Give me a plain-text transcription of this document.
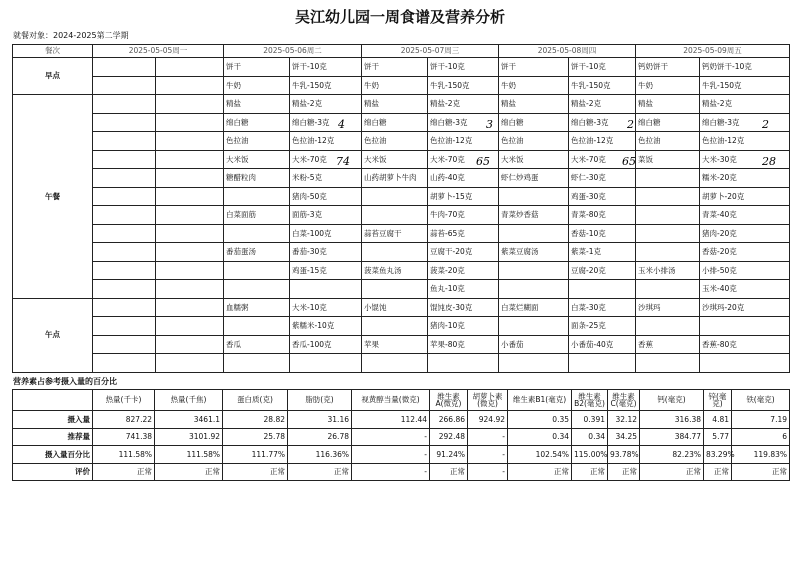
吴江幼儿园一周食谱及营养分析
就餐对象：2024-2025第二学期
餐次	2025-05-05周一		2025-05-06周二		2025-05-07周三		2025-05-08周四		2025-05-09周五	
早点			饼干	饼干-10克	饼干	饼干-10克	饼干	饼干-10克	钙奶饼干	钙奶饼干-10克
			牛奶	牛乳-150克	牛奶	牛乳-150克	牛奶	牛乳-150克	牛奶	牛乳-150克
午餐			精盐	精盐-2克	精盐	精盐-2克	精盐	精盐-2克	精盐	精盐-2克
			绵白糖	绵白糖-3克	绵白糖	绵白糖-3克	绵白糖	绵白糖-3克	绵白糖	绵白糖-3克
			色拉油	色拉油-12克	色拉油	色拉油-12克	色拉油	色拉油-12克	色拉油	色拉油-12克
			大米饭	大米-70克	大米饭	大米-70克	大米饭	大米-70克	菜饭	大米-30克
			糖醋粒肉	米粉-5克	山药胡萝卜牛肉	山药-40克	虾仁炒鸡蛋	虾仁-30克		糯米-20克
				猪肉-50克		胡萝卜-15克		鸡蛋-30克		胡萝卜-20克
			白菜面筋	面筋-3克		牛肉-70克	青菜炒香菇	青菜-80克		青菜-40克
				白菜-100克	蒜苔豆腐干	蒜苔-65克		香菇-10克		猪肉-20克
			番茄蛋汤	番茄-30克		豆腐干-20克	紫菜豆腐汤	紫菜-1克		香菇-20克
				鸡蛋-15克	菠菜鱼丸汤	菠菜-20克		豆腐-20克	玉米小排汤	小排-50克
						鱼丸-10克				玉米-40克
午点			血糯粥	大米-10克	小馄饨	馄饨皮-30克	白菜烂糊面	白菜-30克	沙琪玛	沙琪玛-20克
				紫糯米-10克		猪肉-10克		面条-25克		
			香瓜	香瓜-100克	苹果	苹果-80克	小番茄	小番茄-40克	香蕉	香蕉-80克

营养素占参考摄入量的百分比
	热量(千卡)	热量(千焦)	蛋白质(克)	脂肪(克)	视黄醇当量(微克)	维生素A(微克)	胡萝卜素(微克)	维生素B1(毫克)	维生素B2(毫克)	维生素C(毫克)	钙(毫克)	锌(毫克)	铁(毫克)
摄入量	827.22	3461.1	28.82	31.16	112.44	266.86	924.92	0.35	0.391	32.12	316.38	4.81	7.19
推荐量	741.38	3101.92	25.78	26.78	-	292.48	-	0.34	0.34	34.25	384.77	5.77	6
摄入量百分比	111.58%	111.58%	111.77%	116.36%	-	91.24%	-	102.54%	115.00%	93.78%	82.23%	83.29%	119.83%
评价	正常	正常	正常	正常	-	正常	-	正常	正常	正常	正常	正常	正常
4	3	2	2
74	65	65	28
